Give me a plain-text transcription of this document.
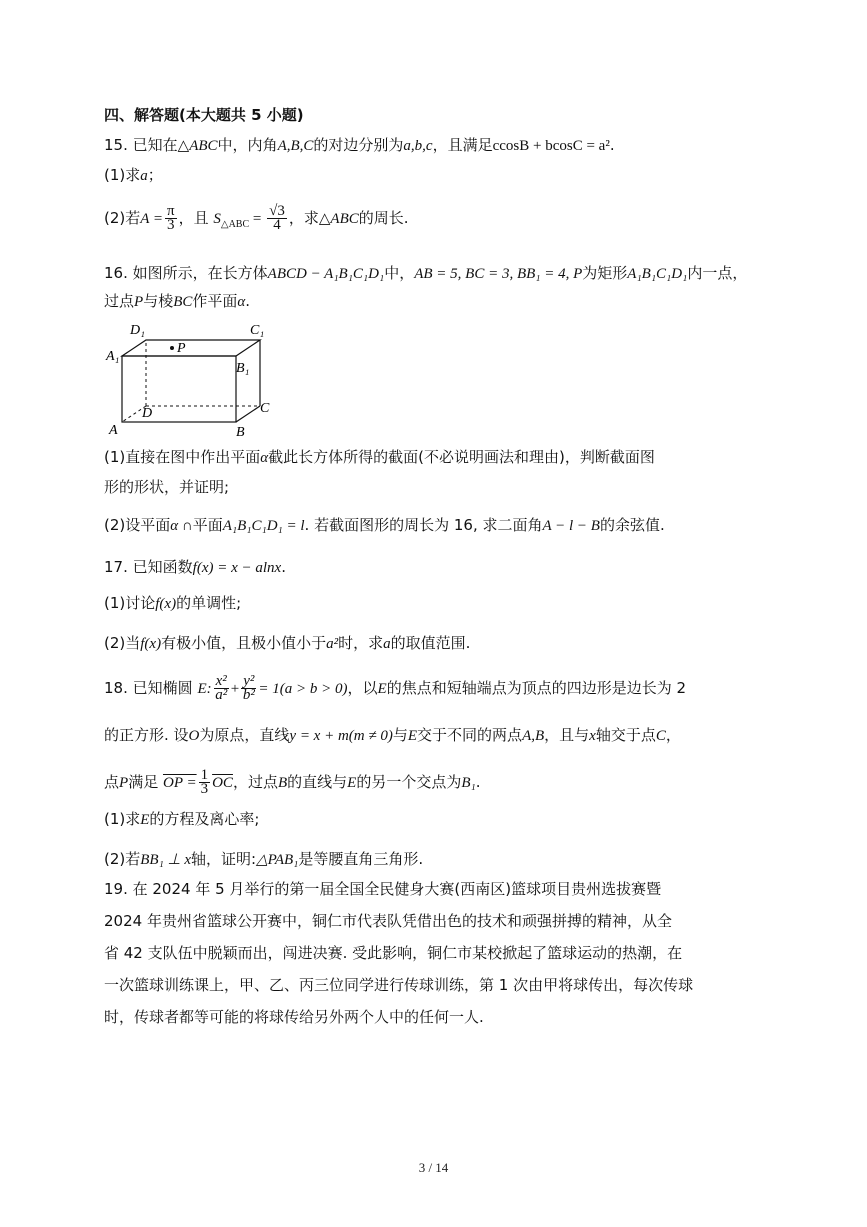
四、解答题(本大题共 5 小题)
15. 已知在△ABC中，内角A,B,C的对边分别为a,b,c，且满足ccosB + bcosC = a².
(1)求a；
(2)若$A = \frac{\pi}{3}$ ，且 $S_{\triangle ABC} = \frac{√3}{4}$ ，求△ABC的周长.
16. 如图所示，在长方体ABCD − A₁B₁C₁D₁中，AB = 5, BC = 3, BB₁ = 4, P为矩形A₁B₁C₁D₁内一点，
过点P与棱BC作平面α.
D₁	C₁
A₁
B₁
P
D	C
A	B
(1)直接在图中作出平面α截此长方体所得的截面(不必说明画法和理由)，判断截面图
形的形状，并证明;
(2)设平面α ∩平面A₁B₁C₁D₁ = l. 若截面图形的周长为 16, 求二面角A − l − B的余弦值.
17. 已知函数f(x) = x − alnx.
(1)讨论f(x)的单调性;
(2)当f(x)有极小值，且极小值小于a²时，求a的取值范围.
18. 已知椭圆 E: $\frac{\text{x²}}{\text{a²}} + \frac{\text{y²}}{\text{b²}} = 1(a > b > 0)$，以E的焦点和短轴端点为顶点的四边形是边长为 2
的正方形. 设O为原点，直线y = x + m(m ≠ 0)与E交于不同的两点A,B，且与x轴交于点C，
点P满足 OP = $\frac{1}{3} \overline{OC}$，过点B的直线与E的另一个交点为B₁.
(1)求E的方程及离心率;
(2)若BB₁ ⊥ x轴，证明:△PAB₁是等腰直角三角形.
19. 在 2024 年 5 月举行的第一届全国全民健身大赛(西南区)篮球项目贵州选拔赛暨
2024 年贵州省篮球公开赛中，铜仁市代表队凭借出色的技术和顽强拼搏的精神，从全
省 42 支队伍中脱颖而出，闯进决赛. 受此影响，铜仁市某校掀起了篮球运动的热潮，在
一次篮球训练课上，甲、乙、丙三位同学进行传球训练，第 1 次由甲将球传出，每次传球
时，传球者都等可能的将球传给另外两个人中的任何一人.
3 / 14
